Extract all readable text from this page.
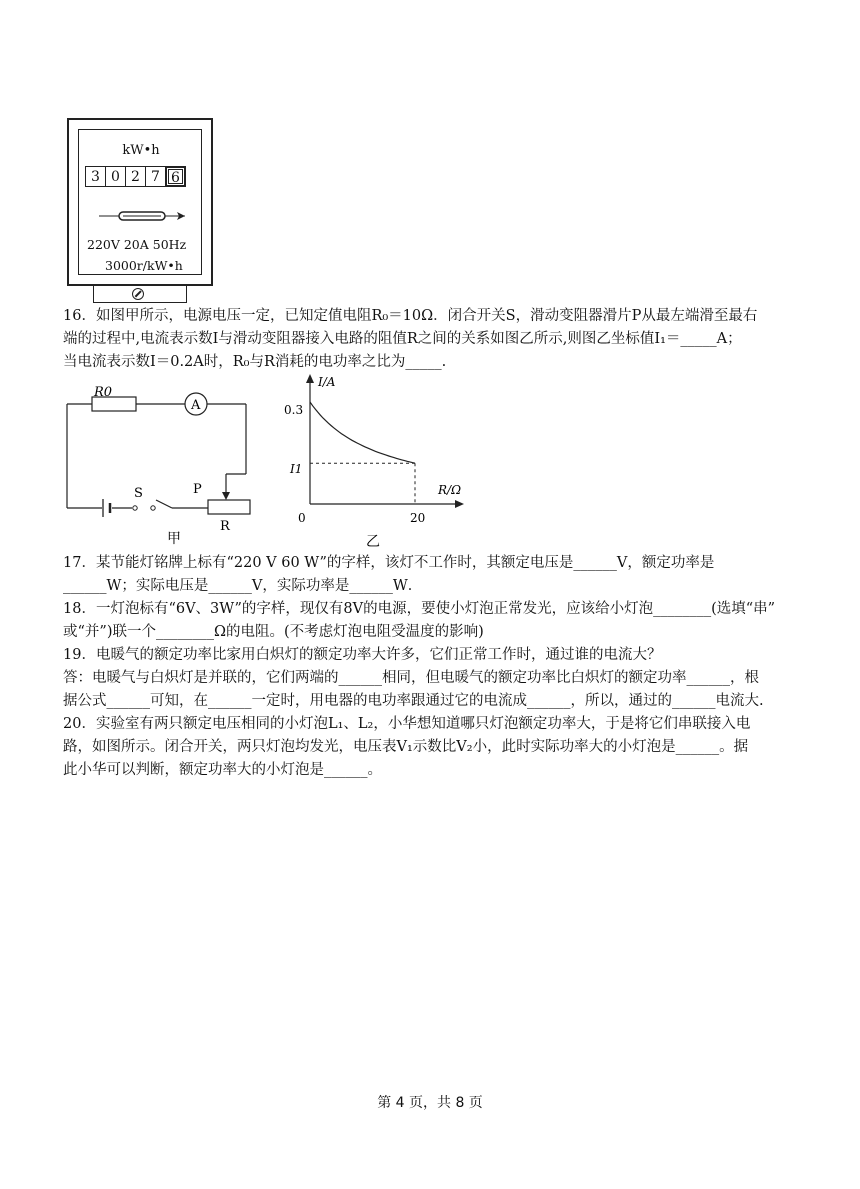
kW•h
3 0 2 7 6
220V 20A 50Hz
3000r/kW•h
16．如图甲所示，电源电压一定，已知定值电阻R₀＝10Ω．闭合开关S，滑动变阻器滑片P从最左端滑至最右
端的过程中,电流表示数I与滑动变阻器接入电路的阻值R之间的关系如图乙所示,则图乙坐标值I₁＝_____A；
当电流表示数I＝0.2A时，R₀与R消耗的电功率之比为_____.
R0
A
S	P
R
甲
I/A
R/Ω
0.3
I1
0	20
乙
17．某节能灯铭牌上标有“220 V 60 W”的字样，该灯不工作时，其额定电压是______V，额定功率是
______W；实际电压是______V，实际功率是______W．
18．一灯泡标有“6V、3W”的字样，现仅有8V的电源，要使小灯泡正常发光，应该给小灯泡________(选填“串”
或“并”)联一个________Ω的电阻。(不考虑灯泡电阻受温度的影响)
19．电暖气的额定功率比家用白炽灯的额定功率大许多，它们正常工作时，通过谁的电流大？
答：电暖气与白炽灯是并联的，它们两端的______相同，但电暖气的额定功率比白炽灯的额定功率______，根
据公式______可知，在______一定时，用电器的电功率跟通过它的电流成______，所以，通过的______电流大.
20．实验室有两只额定电压相同的小灯泡L₁、L₂，小华想知道哪只灯泡额定功率大，于是将它们串联接入电
路，如图所示。闭合开关，两只灯泡均发光，电压表V₁示数比V₂小，此时实际功率大的小灯泡是______。据
此小华可以判断，额定功率大的小灯泡是______。
第 4 页，共 8 页
